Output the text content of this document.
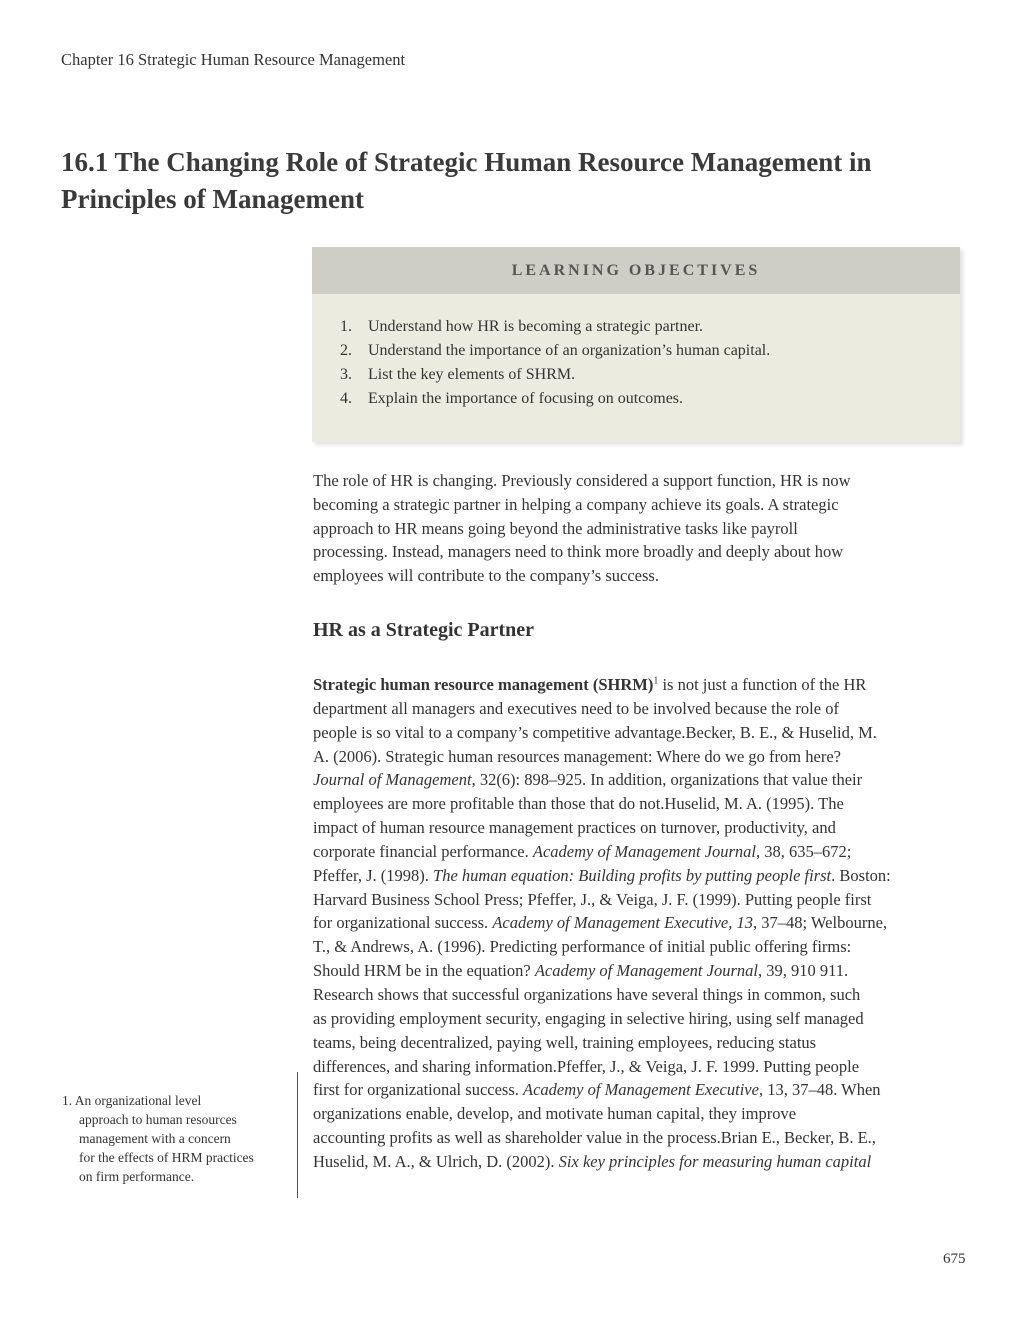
Chapter 16 Strategic Human Resource Management
16.1 The Changing Role of Strategic Human Resource Management in
Principles of Management
LEARNING OBJECTIVES
1. Understand how HR is becoming a strategic partner.
2. Understand the importance of an organization’s human capital.
3. List the key elements of SHRM.
4. Explain the importance of focusing on outcomes.
The role of HR is changing. Previously considered a support function, HR is now
becoming a strategic partner in helping a company achieve its goals. A strategic
approach to HR means going beyond the administrative tasks like payroll
processing. Instead, managers need to think more broadly and deeply about how
employees will contribute to the company’s success.
HR as a Strategic Partner
Strategic human resource management (SHRM)$^1$ is not just a function of the HR
department all managers and executives need to be involved because the role of
people is so vital to a company’s competitive advantage.Becker, B. E., & Huselid, M.
A. (2006). Strategic human resources management: Where do we go from here?
Journal of Management, 32(6): 898–925. In addition, organizations that value their
employees are more profitable than those that do not.Huselid, M. A. (1995). The
impact of human resource management practices on turnover, productivity, and
corporate financial performance. Academy of Management Journal, 38, 635–672;
Pfeffer, J. (1998). The human equation: Building profits by putting people first. Boston:
Harvard Business School Press; Pfeffer, J., & Veiga, J. F. (1999). Putting people first
for organizational success. Academy of Management Executive, 13, 37–48; Welbourne,
T., & Andrews, A. (1996). Predicting performance of initial public offering firms:
Should HRM be in the equation? Academy of Management Journal, 39, 910 911.
Research shows that successful organizations have several things in common, such
as providing employment security, engaging in selective hiring, using self managed
teams, being decentralized, paying well, training employees, reducing status
differences, and sharing information.Pfeffer, J., & Veiga, J. F. 1999. Putting people
first for organizational success. Academy of Management Executive, 13, 37–48. When
organizations enable, develop, and motivate human capital, they improve
accounting profits as well as shareholder value in the process.Brian E., Becker, B. E.,
Huselid, M. A., & Ulrich, D. (2002). Six key principles for measuring human capital
1. An organizational level
approach to human resources
management with a concern
for the effects of HRM practices
on firm performance.
675
